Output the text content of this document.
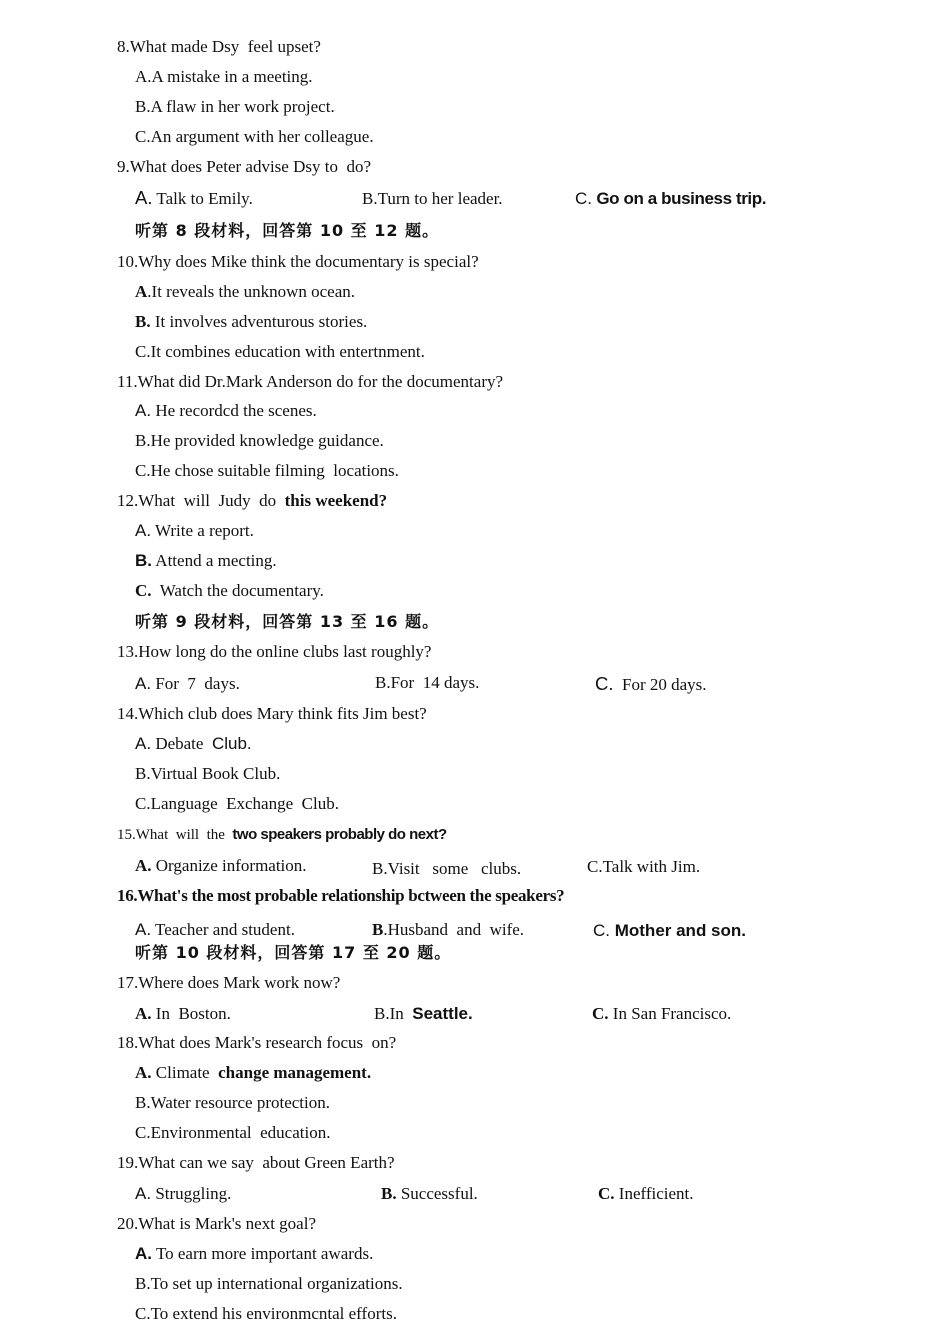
8.What made Dsy  feel upset?
A.A mistake in a meeting.
B.A flaw in her work project.
C.An argument with her colleague.
9.What does Peter advise Dsy to  do?
A. Talk to Emily.	B.Turn to her leader.	C. Go on a business trip.
听第 8 段材料，回答第 10 至 12 题。
10.Why does Mike think the documentary is special?
A.It reveals the unknown ocean.
B. It involves adventurous stories.
C.It combines education with entertnment.
11.What did Dr.Mark Anderson do for the documentary?
A. He recordcd the scenes.
B.He provided knowledge guidance.
C.He chose suitable filming  locations.
12.What  will  Judy  do  this weekend?
A. Write a report.
B. Attend a mecting.
C.  Watch the documentary.
听第 9 段材料，回答第 13 至 16 题。
13.How long do the online clubs last roughly?
A. For  7  days.	B.For  14 days.	C.  For 20 days.
14.Which club does Mary think fits Jim best?
A. Debate  Club.
B.Virtual Book Club.
C.Language  Exchange  Club.
15.What  will  the  two speakers probably do next?
A. Organize information.	B.Visit   some   clubs.	C.Talk with Jim.
16.What's the most probable relationship bctween the speakers?
A. Teacher and student.	B.Husband  and  wife.	C. Mother and son.
听第 10 段材料，回答第 17 至 20 题。
17.Where does Mark work now?
A. In  Boston.	B.In  Seattle.	C. In San Francisco.
18.What does Mark's research focus  on?
A. Climate  change management.
B.Water resource protection.
C.Environmental  education.
19.What can we say  about Green Earth?
A. Struggling.	B. Successful.	C. Inefficient.
20.What is Mark's next goal?
A. To earn more important awards.
B.To set up international organizations.
C.To extend his environmcntal efforts.
